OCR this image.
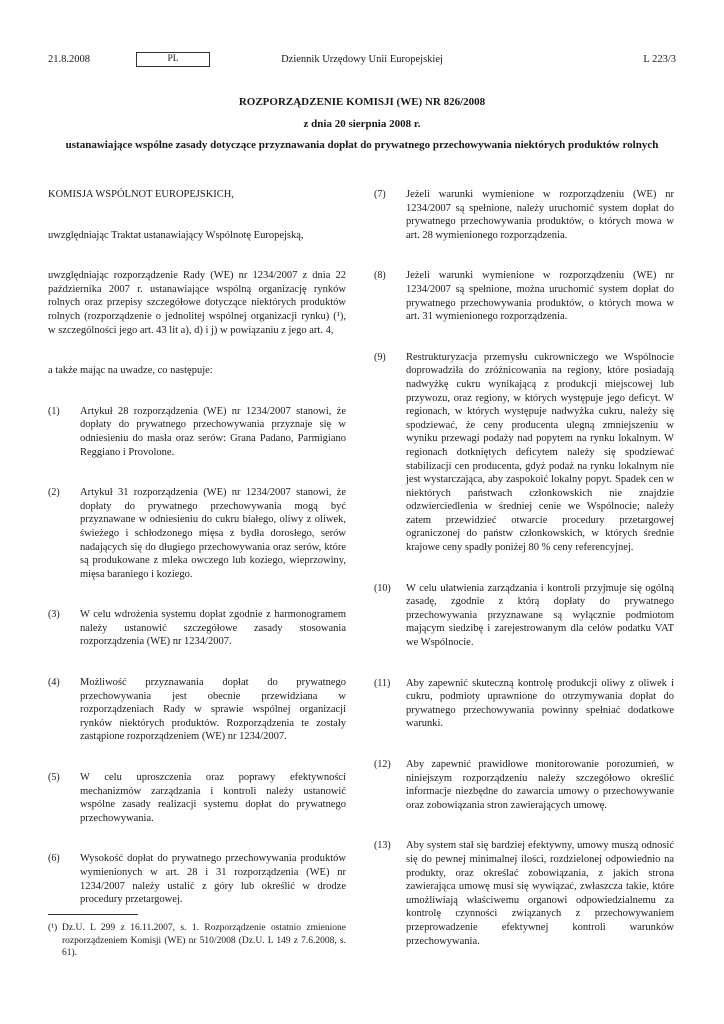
21.8.2008	PL	Dziennik Urzędowy Unii Europejskiej	L 223/3

ROZPORZĄDZENIE KOMISJI (WE) NR 826/2008

z dnia 20 sierpnia 2008 r.

ustanawiające wspólne zasady dotyczące przyznawania dopłat do prywatnego przechowywania niektórych produktów rolnych

KOMISJA WSPÓLNOT EUROPEJSKICH,

uwzględniając Traktat ustanawiający Wspólnotę Europejską,

uwzględniając rozporządzenie Rady (WE) nr 1234/2007 z dnia 22 października 2007 r. ustanawiające wspólną organizację rynków rolnych oraz przepisy szczegółowe dotyczące niektórych produktów rolnych (rozporządzenie o jednolitej wspólnej organizacji rynku) (¹), w szczególności jego art. 43 lit a), d) i j) w powiązaniu z jego art. 4,

a także mając na uwadze, co następuje:

(1) Artykuł 28 rozporządzenia (WE) nr 1234/2007 stanowi, że dopłaty do prywatnego przechowywania przyznaje się w odniesieniu do masła oraz serów: Grana Padano, Parmigiano Reggiano i Provolone.
(2) Artykuł 31 rozporządzenia (WE) nr 1234/2007 stanowi, że dopłaty do prywatnego przechowywania mogą być przyznawane w odniesieniu do cukru białego, oliwy z oliwek, świeżego i schłodzonego mięsa z bydła dorosłego, serów nadających się do długiego przechowywania oraz serów, które są produkowane z mleka owczego lub koziego, wieprzowiny, mięsa baraniego i koziego.
(3) W celu wdrożenia systemu dopłat zgodnie z harmonogramem należy ustanowić szczegółowe zasady stosowania rozporządzenia (WE) nr 1234/2007.
(4) Możliwość przyznawania dopłat do prywatnego przechowywania jest obecnie przewidziana w rozporządzeniach Rady w sprawie wspólnej organizacji rynków niektórych produktów. Rozporządzenia te zostały zastąpione rozporządzeniem (WE) nr 1234/2007.
(5) W celu uproszczenia oraz poprawy efektywności mechanizmów zarządzania i kontroli należy ustanowić wspólne zasady realizacji systemu dopłat do prywatnego przechowywania.
(6) Wysokość dopłat do prywatnego przechowywania produktów wymienionych w art. 28 i 31 rozporządzenia (WE) nr 1234/2007 należy ustalić z góry lub określić w drodze procedury przetargowej.
(7) Jeżeli warunki wymienione w rozporządzeniu (WE) nr 1234/2007 są spełnione, należy uruchomić system dopłat do prywatnego przechowywania produktów, o których mowa w art. 28 wymienionego rozporządzenia.
(8) Jeżeli warunki wymienione w rozporządzeniu (WE) nr 1234/2007 są spełnione, można uruchomić system dopłat do prywatnego przechowywania produktów, o których mowa w art. 31 wymienionego rozporządzenia.
(9) Restrukturyzacja przemysłu cukrowniczego we Wspólnocie doprowadziła do zróżnicowania na regiony, które posiadają nadwyżkę cukru wynikającą z produkcji miejscowej lub przywozu, oraz regiony, w których występuje jego deficyt. W regionach, w których występuje nadwyżka cukru, należy się spodziewać, że ceny producenta ulegną zmniejszeniu w wyniku przewagi podaży nad popytem na rynku lokalnym. W regionach dotkniętych deficytem należy się spodziewać stabilizacji cen producenta, gdyż podaż na rynku lokalnym nie jest wystarczająca, aby zaspokoić lokalny popyt. Spadek cen w niektórych państwach członkowskich nie znajdzie odzwierciedlenia w średniej cenie we Wspólnocie; należy zatem przewidzieć otwarcie procedury przetargowej ograniczonej do państw członkowskich, w których średnie krajowe ceny spadły poniżej 80 % ceny referencyjnej.
(10) W celu ułatwienia zarządzania i kontroli przyjmuje się ogólną zasadę, zgodnie z którą dopłaty do prywatnego przechowywania przyznawane są wyłącznie podmiotom mającym siedzibę i zarejestrowanym dla celów podatku VAT we Wspólnocie.
(11) Aby zapewnić skuteczną kontrolę produkcji oliwy z oliwek i cukru, podmioty uprawnione do otrzymywania dopłat do prywatnego przechowywania powinny spełniać dodatkowe warunki.
(12) Aby zapewnić prawidłowe monitorowanie porozumień, w niniejszym rozporządzeniu należy szczegółowo określić informacje niezbędne do zawarcia umowy o przechowywanie oraz zobowiązania stron zawierających umowę.
(13) Aby system stał się bardziej efektywny, umowy muszą odnosić się do pewnej minimalnej ilości, rozdzielonej odpowiednio na produkty, oraz określać zobowiązania, z jakich strona zawierająca umowę musi się wywiązać, zwłaszcza takie, które umożliwiają właściwemu organowi odpowiedzialnemu za kontrolę czynności związanych z przechowywaniem przeprowadzenie efektywnej kontroli warunków przechowywania.
(¹) Dz.U. L 299 z 16.11.2007, s. 1. Rozporządzenie ostatnio zmienione rozporządzeniem Komisji (WE) nr 510/2008 (Dz.U. L 149 z 7.6.2008, s. 61).
